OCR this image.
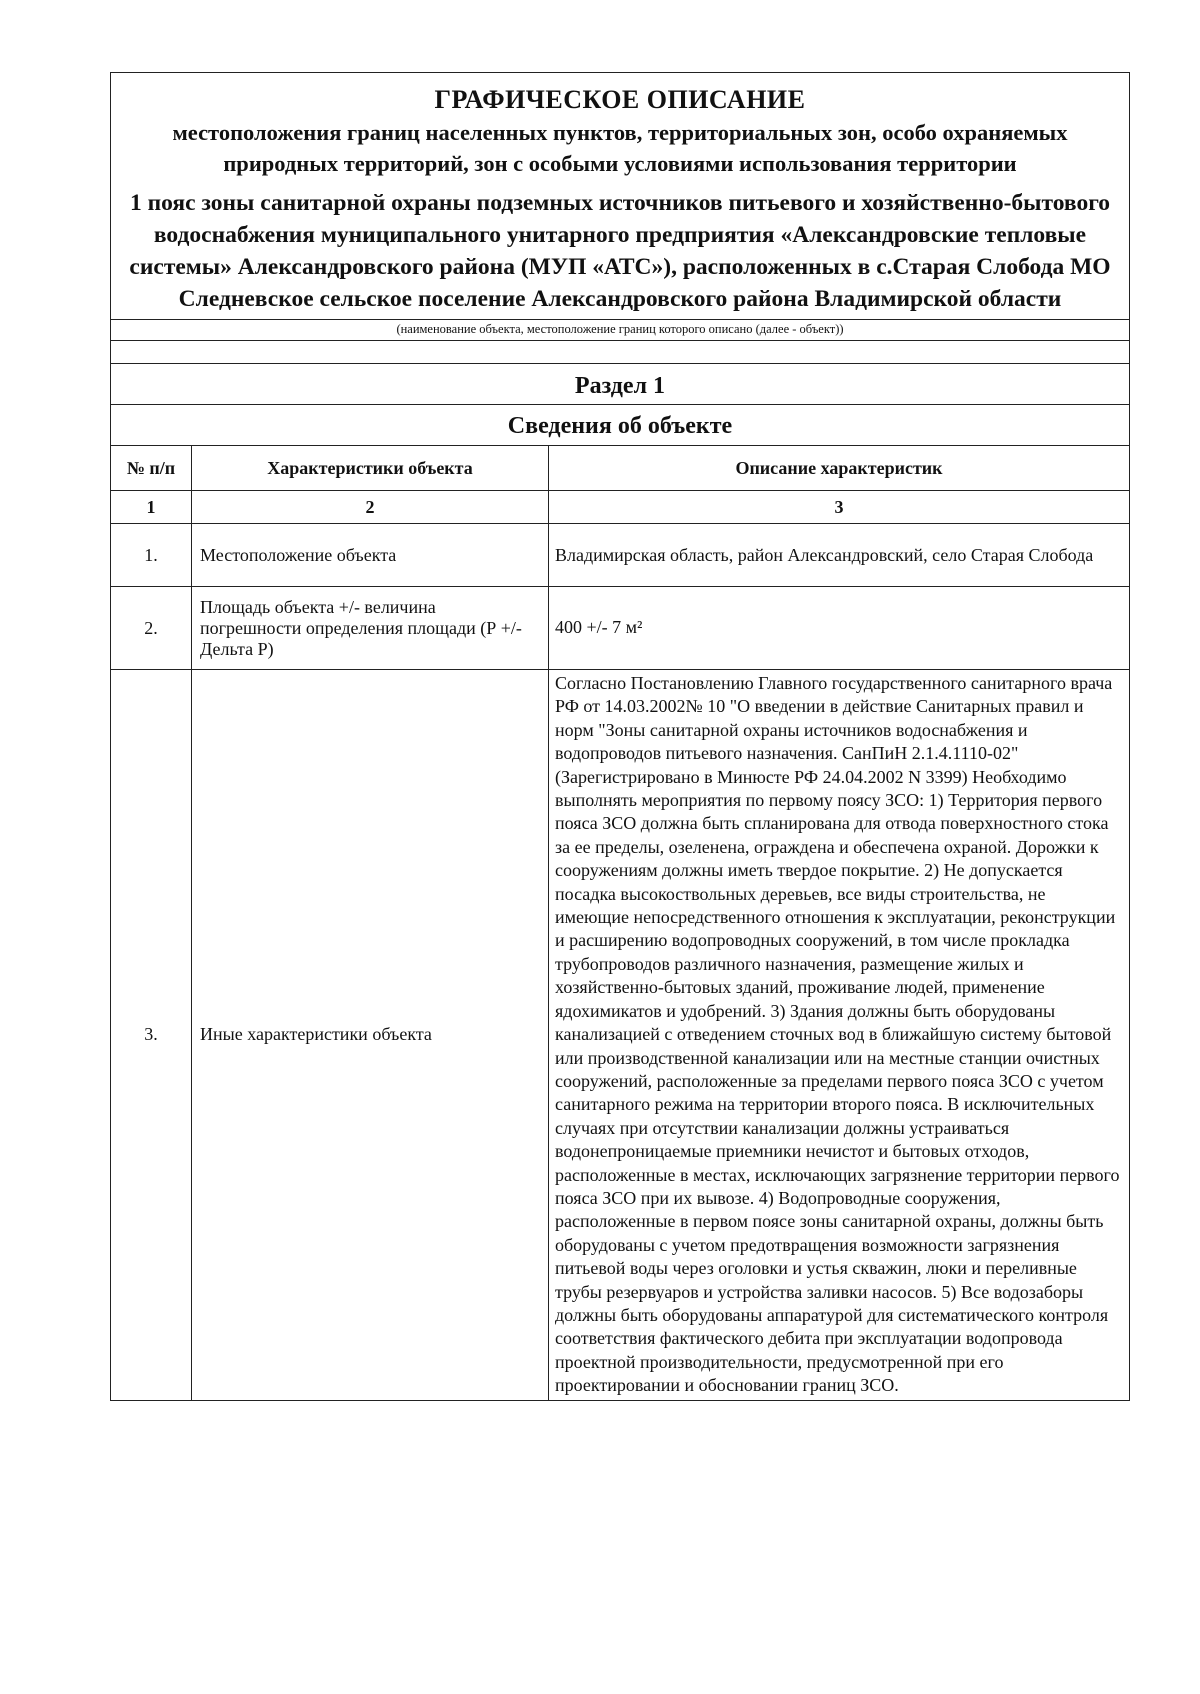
ГРАФИЧЕСКОЕ ОПИСАНИЕ
местоположения границ населенных пунктов, территориальных зон, особо охраняемых природных территорий, зон с особыми условиями использования территории
1 пояс зоны санитарной охраны подземных источников питьевого и хозяйственно-бытового водоснабжения муниципального унитарного предприятия «Александровские тепловые системы» Александровского района (МУП «АТС»), расположенных в с.Старая Слобода МО Следневское сельское поселение Александровского района Владимирской области
(наименование объекта, местоположение границ которого описано (далее - объект))
Раздел 1
Сведения об объекте
№ п/п	Характеристики объекта	Описание характеристик
1	2	3
1.	Местоположение объекта	Владимирская область, район Александровский, село Старая Слобода
2.	Площадь объекта +/- величина погрешности определения площади (Р +/- Дельта Р)	400 +/- 7 м²
3.	Иные характеристики объекта	Согласно Постановлению Главного государственного санитарного врача РФ от 14.03.2002№ 10 "О введении в действие Санитарных правил и норм "Зоны санитарной охраны источников водоснабжения и водопроводов питьевого назначения. СанПиН 2.1.4.1110-02" (Зарегистрировано в Минюсте РФ 24.04.2002 N 3399) Необходимо выполнять мероприятия по первому поясу ЗСО: 1) Территория первого пояса ЗСО должна быть спланирована для отвода поверхностного стока за ее пределы, озеленена, ограждена и обеспечена охраной. Дорожки к сооружениям должны иметь твердое покрытие. 2) Не допускается посадка высокоствольных деревьев, все виды строительства, не имеющие непосредственного отношения к эксплуатации, реконструкции и расширению водопроводных сооружений, в том числе прокладка трубопроводов различного назначения, размещение жилых и хозяйственно-бытовых зданий, проживание людей, применение ядохимикатов и удобрений. 3) Здания должны быть оборудованы канализацией с отведением сточных вод в ближайшую систему бытовой или производственной канализации или на местные станции очистных сооружений, расположенные за пределами первого пояса ЗСО с учетом санитарного режима на территории второго пояса. В исключительных случаях при отсутствии канализации должны устраиваться водонепроницаемые приемники нечистот и бытовых отходов, расположенные в местах, исключающих загрязнение территории первого пояса ЗСО при их вывозе. 4) Водопроводные сооружения, расположенные в первом поясе зоны санитарной охраны, должны быть оборудованы с учетом предотвращения возможности загрязнения питьевой воды через оголовки и устья скважин, люки и переливные трубы резервуаров и устройства заливки насосов. 5) Все водозаборы должны быть оборудованы аппаратурой для систематического контроля соответствия фактического дебита при эксплуатации водопровода проектной производительности, предусмотренной при его проектировании и обосновании границ ЗСО.
